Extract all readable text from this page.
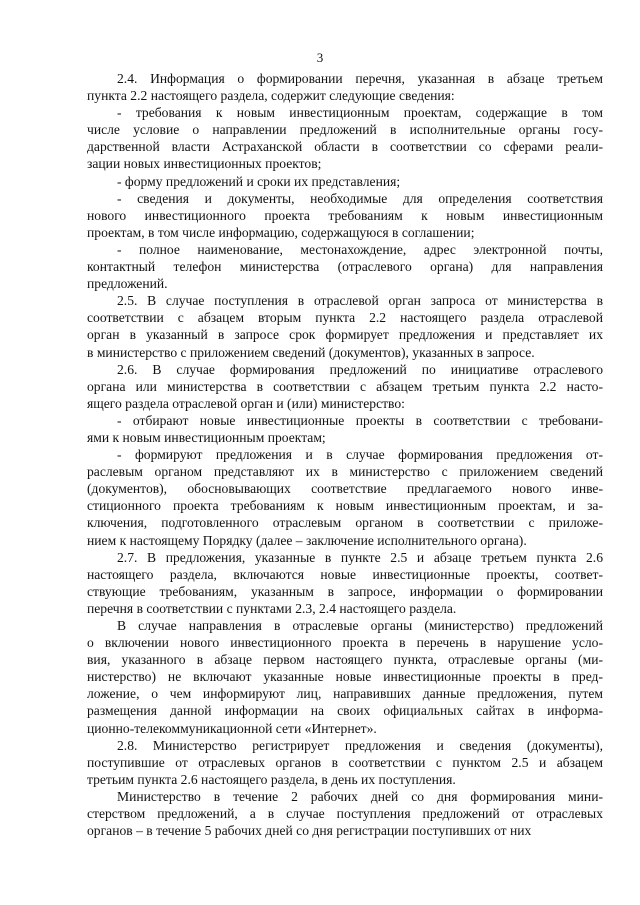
3

2.4. Информация о формировании перечня, указанная в абзаце третьем
пункта 2.2 настоящего раздела, содержит следующие сведения:

- требования к новым инвестиционным проектам, содержащие в том
числе условие о направлении предложений в исполнительные органы госу-
дарственной власти Астраханской области в соответствии со сферами реали-
зации новых инвестиционных проектов;

- форму предложений и сроки их представления;

- сведения и документы, необходимые для определения соответствия
нового инвестиционного проекта требованиям к новым инвестиционным
проектам, в том числе информацию, содержащуюся в соглашении;

- полное наименование, местонахождение, адрес электронной почты,
контактный телефон министерства (отраслевого органа) для направления
предложений.

2.5. В случае поступления в отраслевой орган запроса от министерства в
соответствии с абзацем вторым пункта 2.2 настоящего раздела отраслевой
орган в указанный в запросе срок формирует предложения и представляет их
в министерство с приложением сведений (документов), указанных в запросе.

2.6. В случае формирования предложений по инициативе отраслевого
органа или министерства в соответствии с абзацем третьим пункта 2.2 насто-
ящего раздела отраслевой орган и (или) министерство:

- отбирают новые инвестиционные проекты в соответствии с требовани-
ями к новым инвестиционным проектам;

- формируют предложения и в случае формирования предложения от-
раслевым органом представляют их в министерство с приложением сведений
(документов), обосновывающих соответствие предлагаемого нового инве-
стиционного проекта требованиям к новым инвестиционным проектам, и за-
ключения, подготовленного отраслевым органом в соответствии с приложе-
нием к настоящему Порядку (далее – заключение исполнительного органа).

2.7. В предложения, указанные в пункте 2.5 и абзаце третьем пункта 2.6
настоящего раздела, включаются новые инвестиционные проекты, соответ-
ствующие требованиям, указанным в запросе, информации о формировании
перечня в соответствии с пунктами 2.3, 2.4 настоящего раздела.

В случае направления в отраслевые органы (министерство) предложений
о включении нового инвестиционного проекта в перечень в нарушение усло-
вия, указанного в абзаце первом настоящего пункта, отраслевые органы (ми-
нистерство) не включают указанные новые инвестиционные проекты в пред-
ложение, о чем информируют лиц, направивших данные предложения, путем
размещения данной информации на своих официальных сайтах в информа-
ционно-телекоммуникационной сети «Интернет».

2.8. Министерство регистрирует предложения и сведения (документы),
поступившие от отраслевых органов в соответствии с пунктом 2.5 и абзацем
третьим пункта 2.6 настоящего раздела, в день их поступления.

Министерство в течение 2 рабочих дней со дня формирования мини-
стерством предложений, а в случае поступления предложений от отраслевых
органов – в течение 5 рабочих дней со дня регистрации поступивших от них
